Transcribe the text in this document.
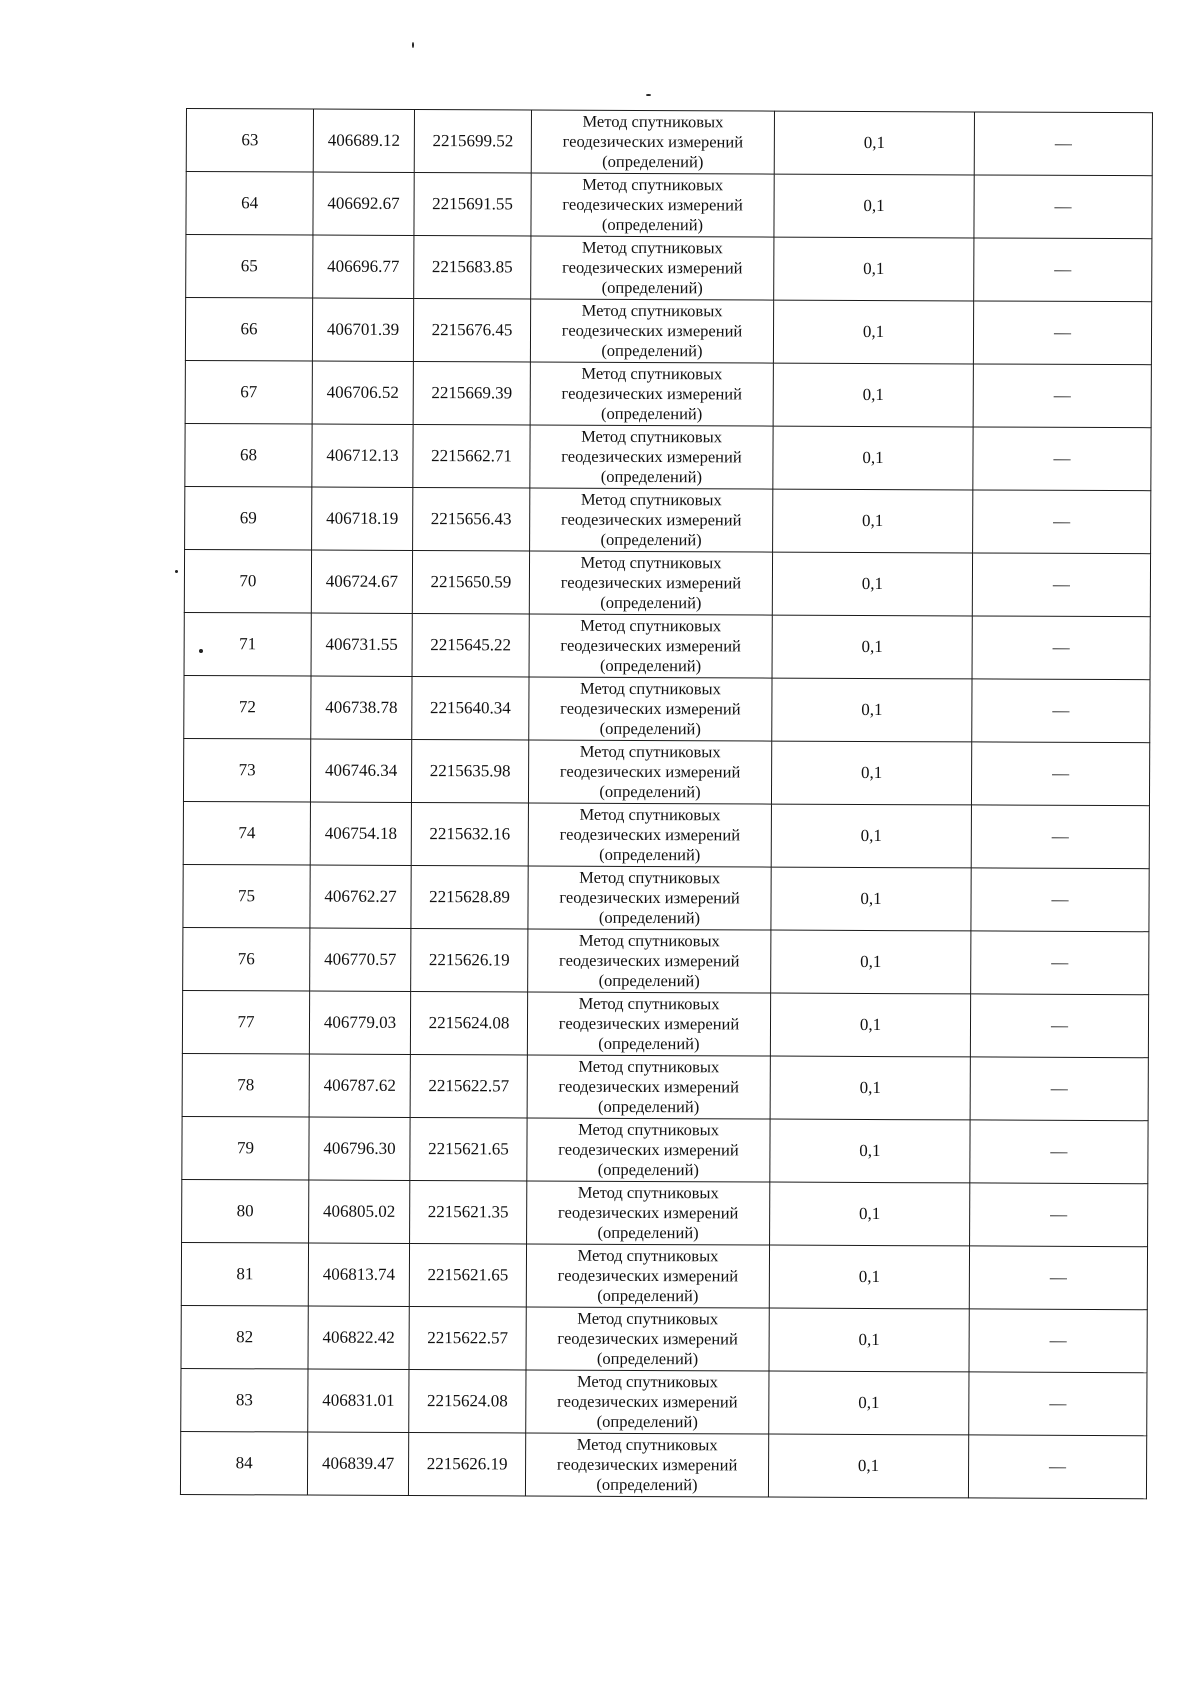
63	406689.12	2215699.52	Метод спутниковых геодезических измерений (определений)	0,1	—
64	406692.67	2215691.55	Метод спутниковых геодезических измерений (определений)	0,1	—
65	406696.77	2215683.85	Метод спутниковых геодезических измерений (определений)	0,1	—
66	406701.39	2215676.45	Метод спутниковых геодезических измерений (определений)	0,1	—
67	406706.52	2215669.39	Метод спутниковых геодезических измерений (определений)	0,1	—
68	406712.13	2215662.71	Метод спутниковых геодезических измерений (определений)	0,1	—
69	406718.19	2215656.43	Метод спутниковых геодезических измерений (определений)	0,1	—
70	406724.67	2215650.59	Метод спутниковых геодезических измерений (определений)	0,1	—
71	406731.55	2215645.22	Метод спутниковых геодезических измерений (определений)	0,1	—
72	406738.78	2215640.34	Метод спутниковых геодезических измерений (определений)	0,1	—
73	406746.34	2215635.98	Метод спутниковых геодезических измерений (определений)	0,1	—
74	406754.18	2215632.16	Метод спутниковых геодезических измерений (определений)	0,1	—
75	406762.27	2215628.89	Метод спутниковых геодезических измерений (определений)	0,1	—
76	406770.57	2215626.19	Метод спутниковых геодезических измерений (определений)	0,1	—
77	406779.03	2215624.08	Метод спутниковых геодезических измерений (определений)	0,1	—
78	406787.62	2215622.57	Метод спутниковых геодезических измерений (определений)	0,1	—
79	406796.30	2215621.65	Метод спутниковых геодезических измерений (определений)	0,1	—
80	406805.02	2215621.35	Метод спутниковых геодезических измерений (определений)	0,1	—
81	406813.74	2215621.65	Метод спутниковых геодезических измерений (определений)	0,1	—
82	406822.42	2215622.57	Метод спутниковых геодезических измерений (определений)	0,1	—
83	406831.01	2215624.08	Метод спутниковых геодезических измерений (определений)	0,1	—
84	406839.47	2215626.19	Метод спутниковых геодезических измерений (определений)	0,1	—
